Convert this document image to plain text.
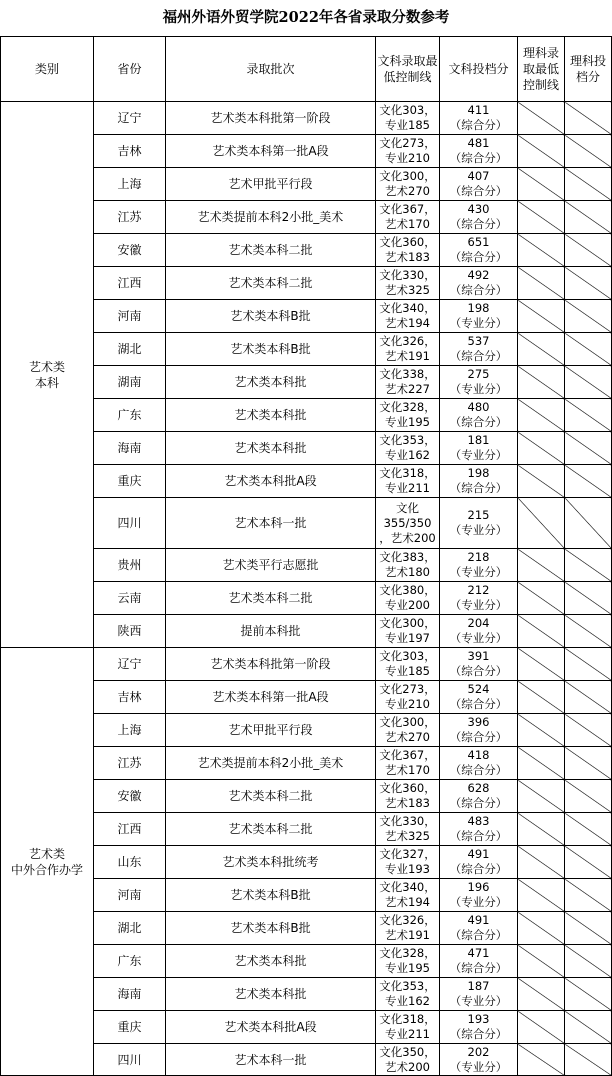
福州外语外贸学院2022年各省录取分数参考
类别	省份	录取批次	文科录取最低控制线	文科投档分	理科录取最低控制线	理科投档分

艺术类
本科	辽宁	艺术类本科批第一阶段	文化303，
专业185	411
（综合分）		

	吉林	艺术类本科第一批A段	文化273，
专业210	481
（综合分）		

	上海	艺术甲批平行段	文化300，
艺术270	407
（综合分）		

	江苏	艺术类提前本科2小批_美术	文化367，
艺术170	430
（综合分）		

	安徽	艺术类本科二批	文化360，
艺术183	651
（综合分）		

	江西	艺术类本科二批	文化330，
艺术325	492
（综合分）		

	河南	艺术类本科B批	文化340，
艺术194	198
（专业分）		

	湖北	艺术类本科B批	文化326，
艺术191	537
（综合分）		

	湖南	艺术类本科批	文化338，
艺术227	275
（专业分）		

	广东	艺术类本科批	文化328，
专业195	480
（综合分）		

	海南	艺术类本科批	文化353，
专业162	181
（专业分）		

	重庆	艺术类本科批A段	文化318，
专业211	198
（综合分）		

	四川	艺术本科一批	文化
355/350
，艺术200	215
（专业分）		

	贵州	艺术类平行志愿批	文化383，
艺术180	218
（专业分）		

	云南	艺术类本科二批	文化380，
专业200	212
（专业分）		

	陕西	提前本科批	文化300，
专业197	204
（专业分）		

艺术类
中外合作办学	辽宁	艺术类本科批第一阶段	文化303，
专业185	391
（综合分）		

	吉林	艺术类本科第一批A段	文化273，
专业210	524
（综合分）		

	上海	艺术甲批平行段	文化300，
艺术270	396
（综合分）		

	江苏	艺术类提前本科2小批_美术	文化367，
艺术170	418
（综合分）		

	安徽	艺术类本科二批	文化360，
艺术183	628
（综合分）		

	江西	艺术类本科二批	文化330，
艺术325	483
（综合分）		

	山东	艺术类本科批统考	文化327，
专业193	491
（综合分）		

	河南	艺术类本科B批	文化340，
艺术194	196
（专业分）		

	湖北	艺术类本科B批	文化326，
艺术191	491
（综合分）		

	广东	艺术类本科批	文化328，
专业195	471
（综合分）		

	海南	艺术类本科批	文化353，
专业162	187
（专业分）		

	重庆	艺术类本科批A段	文化318，
专业211	193
（综合分）		

	四川	艺术本科一批	文化350，
艺术200	202
（专业分）		
